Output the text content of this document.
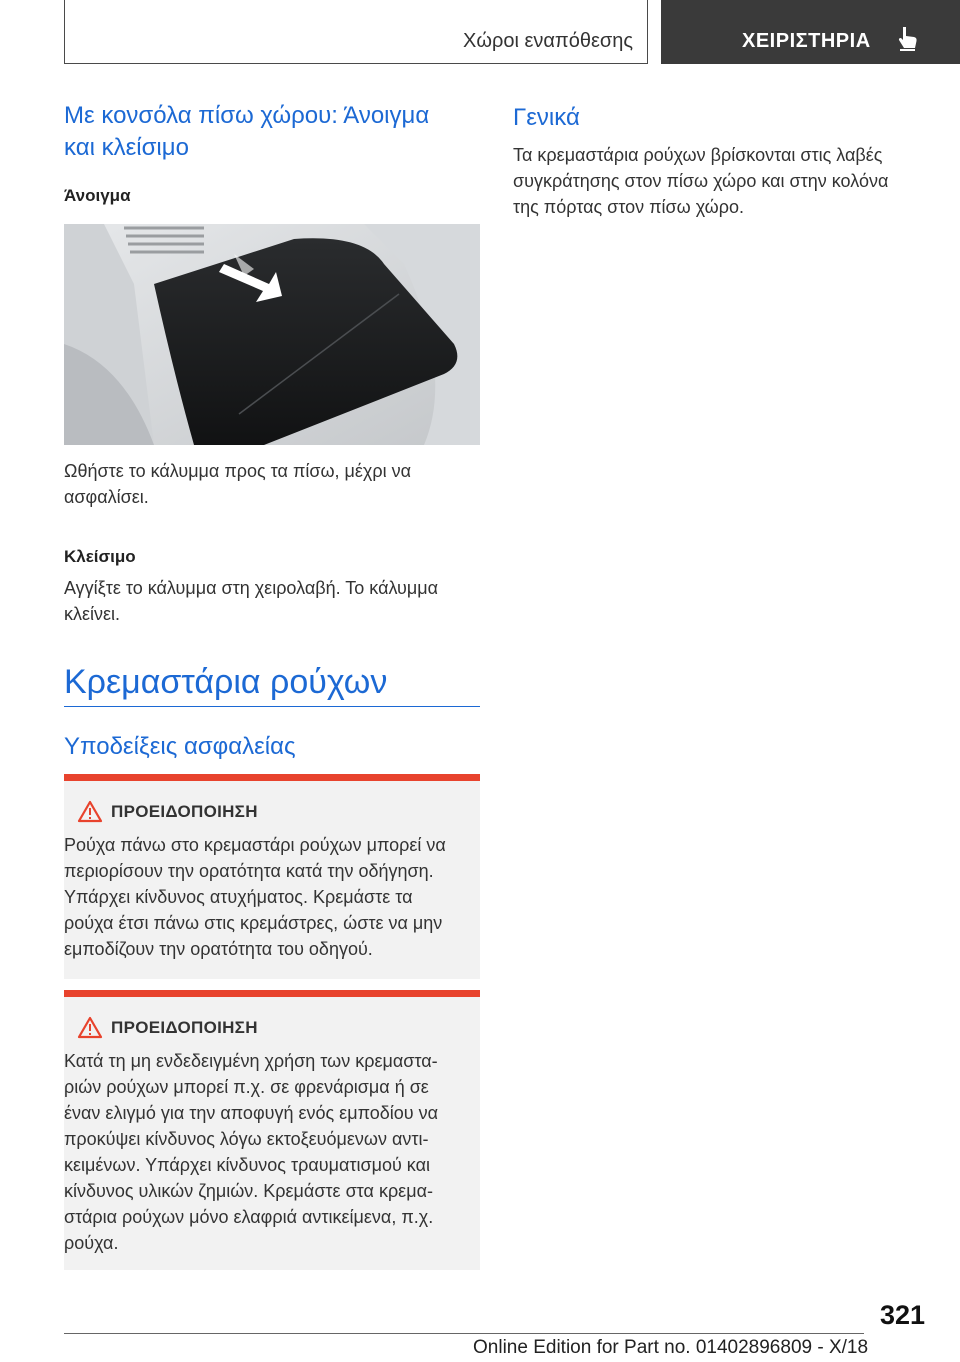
Χώροι εναπόθεσης	ΧΕΙΡΙΣΤΗΡΙΑ
Με κονσόλα πίσω χώρου: Άνοιγμα
και κλείσιμο
Άνοιγμα

Ωθήστε το κάλυμμα προς τα πίσω, μέχρι να

ασφαλίσει.

Κλείσιμο

Αγγίξτε το κάλυμμα στη χειρολαβή. Το κάλυμμα

κλείνει.

Κρεμαστάρια ρούχων
Υποδείξεις ασφαλείας
ΠΡΟΕΙΔΟΠΟΙΗΣΗ
Ρούχα πάνω στο κρεμαστάρι ρούχων μπορεί να
περιορίσουν την ορατότητα κατά την οδήγηση.
Υπάρχει κίνδυνος ατυχήματος. Κρεμάστε τα
ρούχα έτσι πάνω στις κρεμάστρες, ώστε να μην
εμποδίζουν την ορατότητα του οδηγού.
ΠΡΟΕΙΔΟΠΟΙΗΣΗ
Κατά τη μη ενδεδειγμένη χρήση των κρεμαστα-
ριών ρούχων μπορεί π.χ. σε φρενάρισμα ή σε
έναν ελιγμό για την αποφυγή ενός εμποδίου να
προκύψει κίνδυνος λόγω εκτοξευόμενων αντι-
κειμένων. Υπάρχει κίνδυνος τραυματισμού και
κίνδυνος υλικών ζημιών. Κρεμάστε στα κρεμα-
στάρια ρούχων μόνο ελαφριά αντικείμενα, π.χ.
ρούχα.
Γενικά

Τα κρεμαστάρια ρούχων βρίσκονται στις λαβές

συγκράτησης στον πίσω χώρο και στην κολόνα

της πόρτας στον πίσω χώρο.

321
Online Edition for Part no. 01402896809 - X/18
